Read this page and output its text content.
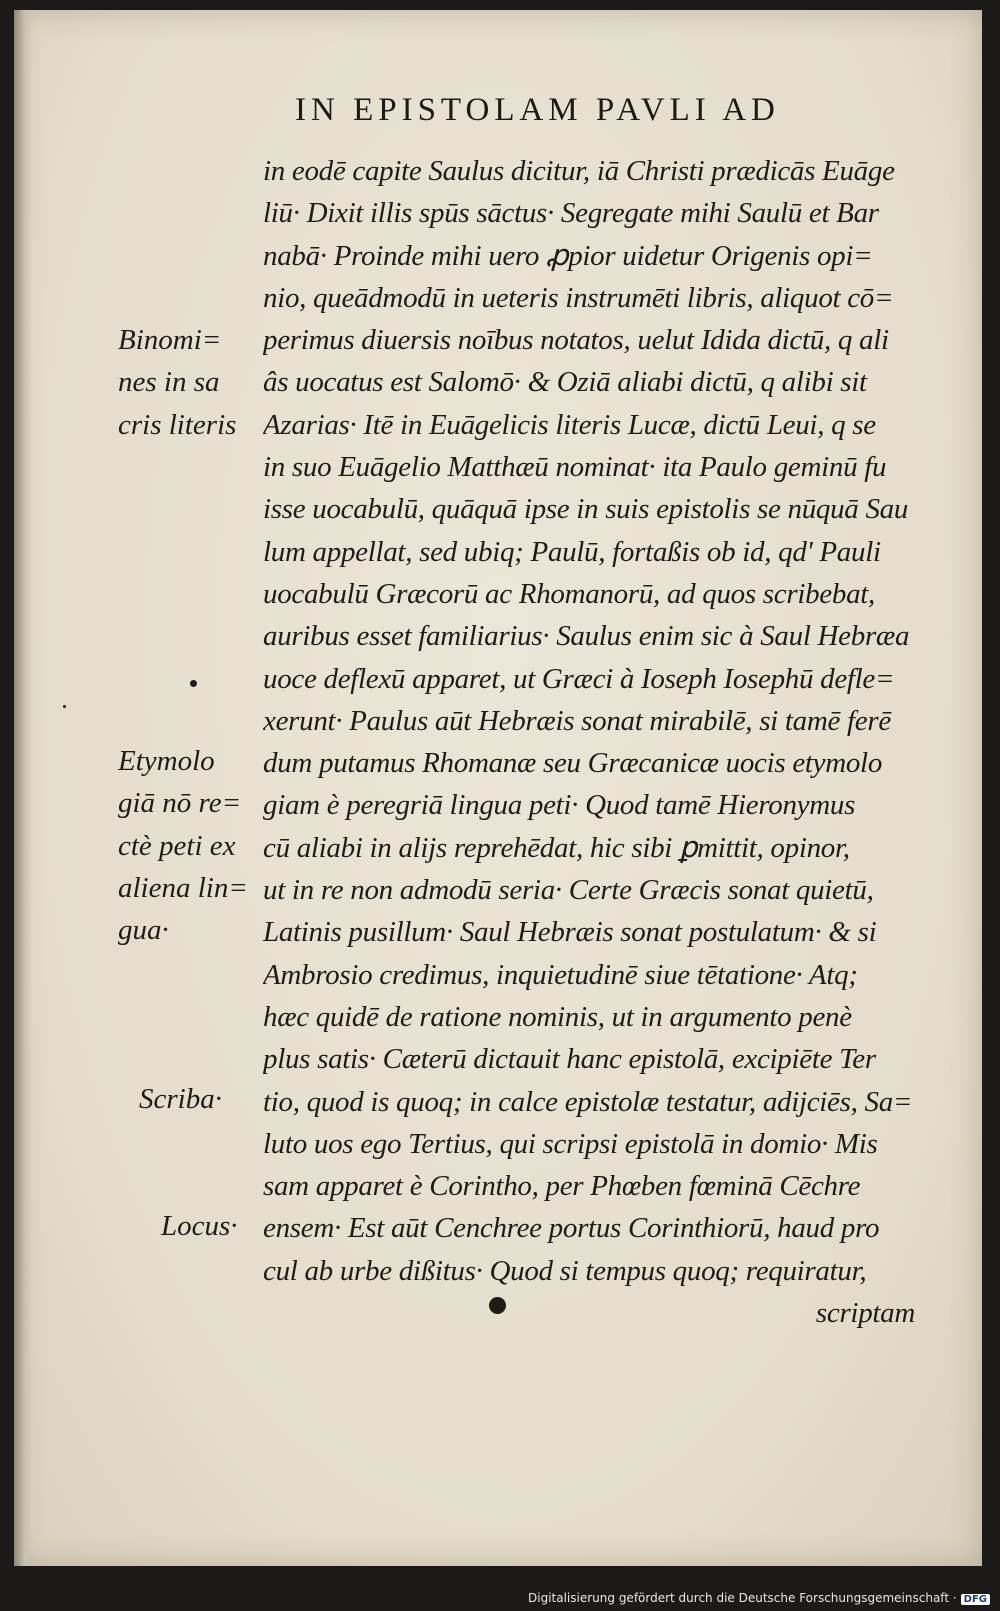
IN EPISTOLAM PAVLI AD
in eodē capite Saulus dicitur, iā Christi prædicās Euāge
liū· Dixit illis spūs sāctus· Segregate mihi Saulū et Bar
nabā· Proinde mihi uero ꝓpior uidetur Origenis opi=
nio, queādmodū in ueteris instrumēti libris, aliquot cō=
perimus diuersis noībus notatos, uelut Idida dictū, q ali
âs uocatus est Salomō· & Oziā aliabi dictū, q alibi sit
Azarias· Itē in Euāgelicis literis Lucæ, dictū Leui, q se
in suo Euāgelio Matthæū nominat· ita Paulo geminū fu
isse uocabulū, quāquā ipse in suis epistolis se nūquā Sau
lum appellat, sed ubiq; Paulū, fortaßis ob id, qd' Pauli
uocabulū Græcorū ac Rhomanorū, ad quos scribebat,
auribus esset familiarius· Saulus enim sic à Saul Hebræa
uoce deflexū apparet, ut Græci à Ioseph Iosephū defle=
xerunt· Paulus aūt Hebræis sonat mirabilē, si tamē ferē
dum putamus Rhomanæ seu Græcanicæ uocis etymolo
giam è peregriā lingua peti· Quod tamē Hieronymus
cū aliabi in alijs reprehēdat, hic sibi ꝑmittit, opinor,
ut in re non admodū seria· Certe Græcis sonat quietū,
Latinis pusillum· Saul Hebræis sonat postulatum· & si
Ambrosio credimus, inquietudinē siue tētatione· Atq;
hæc quidē de ratione nominis, ut in argumento penè
plus satis· Cæterū dictauit hanc epistolā, excipiēte Ter
tio, quod is quoq; in calce epistolæ testatur, adijciēs, Sa=
luto uos ego Tertius, qui scripsi epistolā in domio· Mis
sam apparet è Corintho, per Phœben fœminā Cēchre
ensem· Est aūt Cenchree portus Corinthiorū, haud pro
cul ab urbe dißitus· Quod si tempus quoq; requiratur,
scriptam
Binomi=
nes in sa
cris literis
Etymolo
giā nō re=
ctè peti ex
aliena lin=
gua·
Scriba·
Locus·
Digitalisierung gefördert durch die Deutsche Forschungsgemeinschaft · DFG
